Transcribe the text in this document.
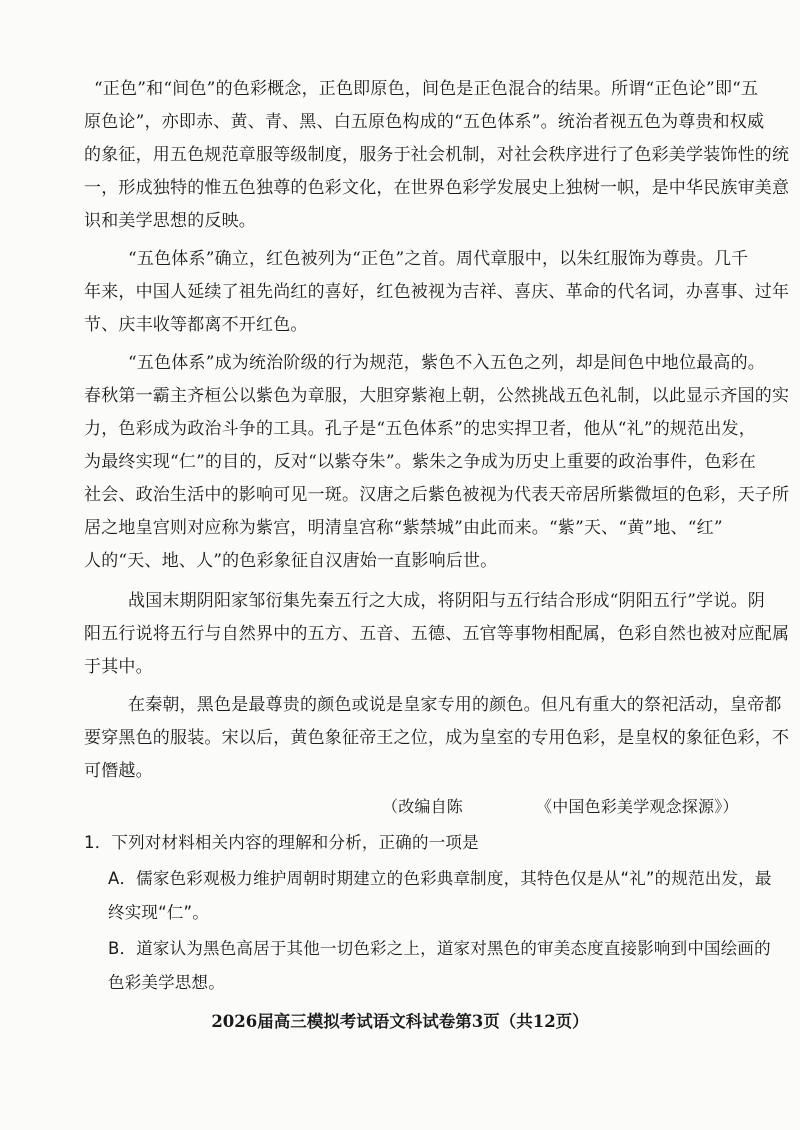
“正色”和“间色”的色彩概念，正色即原色，间色是正色混合的结果。所谓“正色论”即“五
原色论”，亦即赤、黄、青、黑、白五原色构成的“五色体系”。统治者视五色为尊贵和权威
的象征，用五色规范章服等级制度，服务于社会机制，对社会秩序进行了色彩美学装饰性的统
一，形成独特的惟五色独尊的色彩文化，在世界色彩学发展史上独树一帜，是中华民族审美意
识和美学思想的反映。
“五色体系”确立，红色被列为“正色”之首。周代章服中，以朱红服饰为尊贵。几千
年来，中国人延续了祖先尚红的喜好，红色被视为吉祥、喜庆、革命的代名词，办喜事、过年
节、庆丰收等都离不开红色。
“五色体系”成为统治阶级的行为规范，紫色不入五色之列，却是间色中地位最高的。
春秋第一霸主齐桓公以紫色为章服，大胆穿紫袍上朝，公然挑战五色礼制，以此显示齐国的实
力，色彩成为政治斗争的工具。孔子是“五色体系”的忠实捍卫者，他从“礼”的规范出发，
为最终实现“仁”的目的，反对“以紫夺朱”。紫朱之争成为历史上重要的政治事件，色彩在
社会、政治生活中的影响可见一斑。汉唐之后紫色被视为代表天帝居所紫微垣的色彩，天子所
居之地皇宫则对应称为紫宫，明清皇宫称“紫禁城”由此而来。“紫”天、“黄”地、“红”
人的“天、地、人”的色彩象征自汉唐始一直影响后世。
战国末期阴阳家邹衍集先秦五行之大成，将阴阳与五行结合形成“阴阳五行”学说。阴
阳五行说将五行与自然界中的五方、五音、五德、五官等事物相配属，色彩自然也被对应配属
于其中。
在秦朝，黑色是最尊贵的颜色或说是皇家专用的颜色。但凡有重大的祭祀活动，皇帝都
要穿黑色的服装。宋以后，黄色象征帝王之位，成为皇室的专用色彩，是皇权的象征色彩，不
可僭越。
（改编自陈	《中国色彩美学观念探源》）
1．下列对材料相关内容的理解和分析，正确的一项是
A．儒家色彩观极力维护周朝时期建立的色彩典章制度，其特色仅是从“礼”的规范出发，最
终实现“仁”。
B．道家认为黑色高居于其他一切色彩之上，道家对黑色的审美态度直接影响到中国绘画的
色彩美学思想。
2026届高三模拟考试语文科试卷第3页（共12页）
